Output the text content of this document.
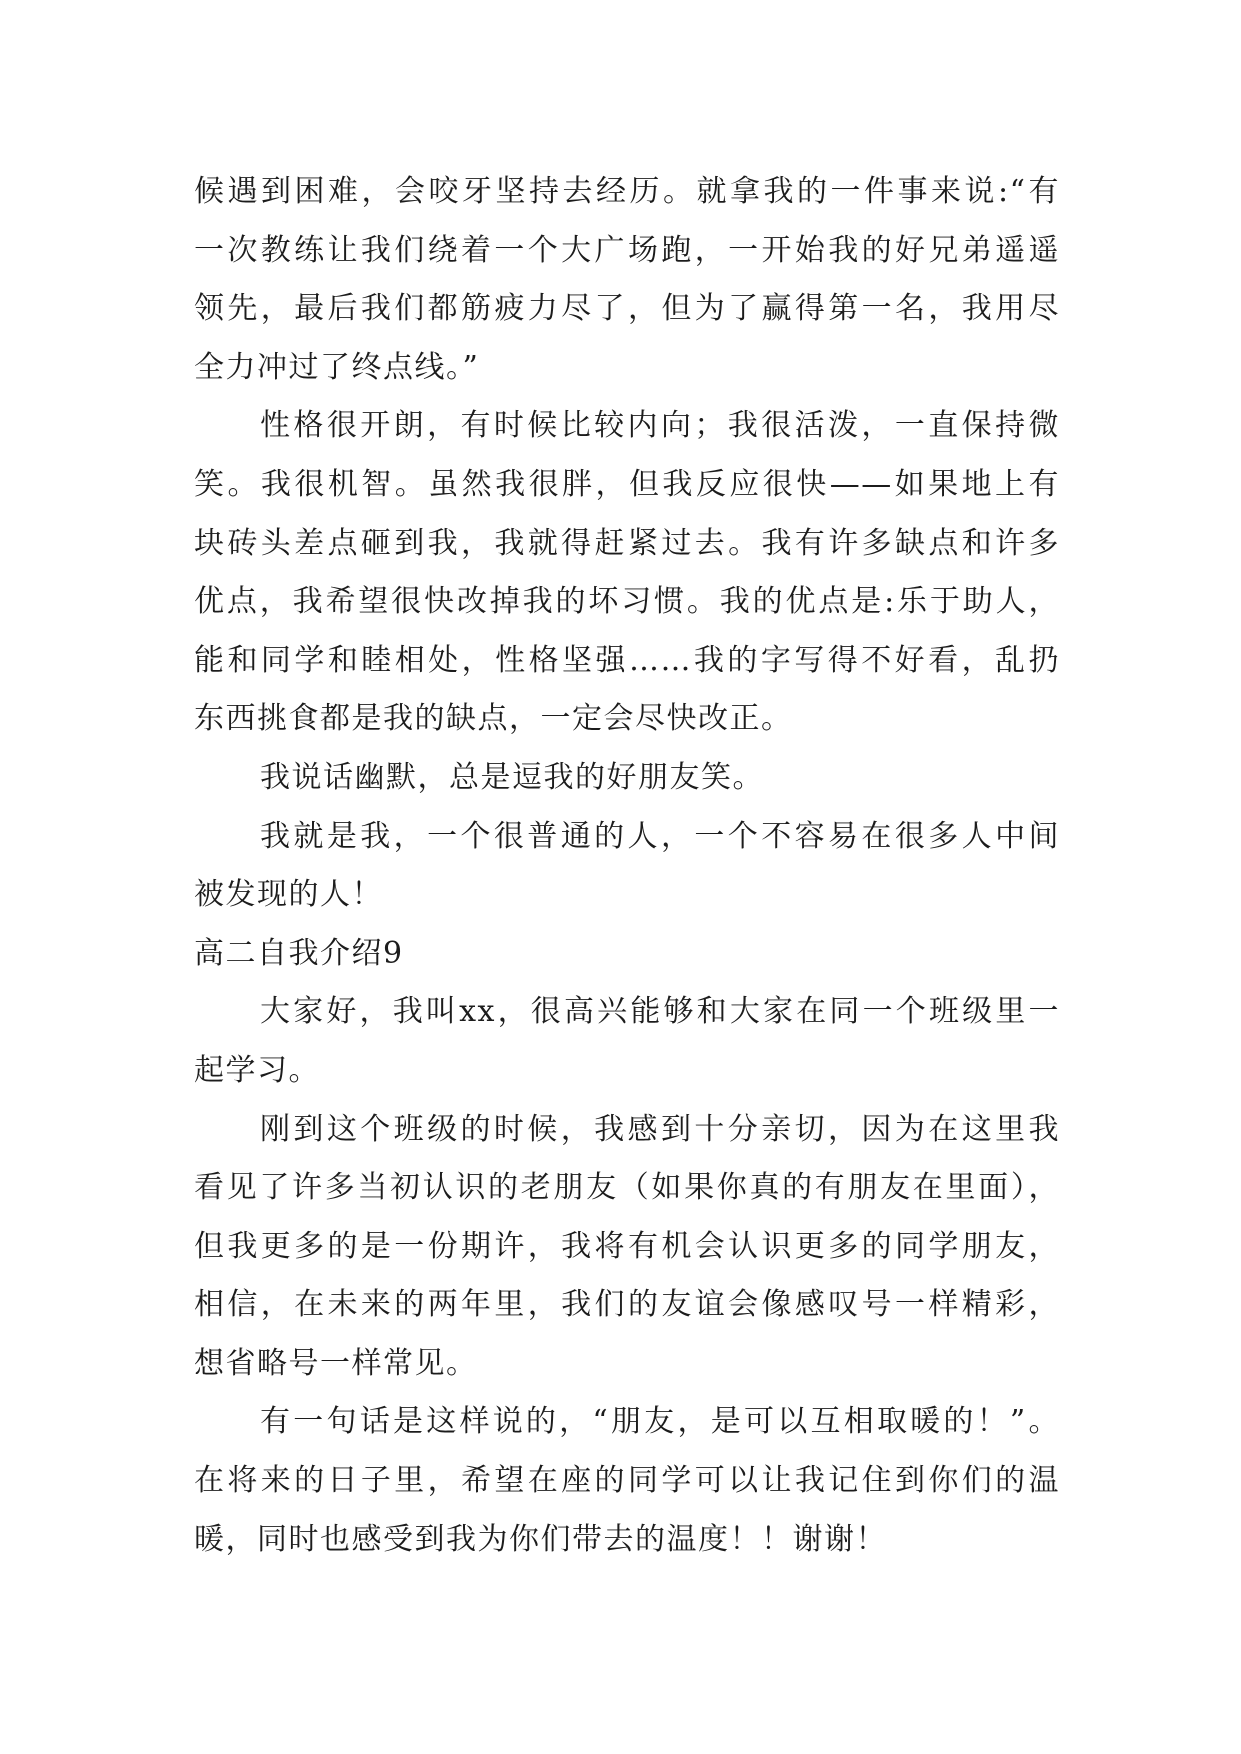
候遇到困难，会咬牙坚持去经历。就拿我的一件事来说:“有
一次教练让我们绕着一个大广场跑，一开始我的好兄弟遥遥
领先，最后我们都筋疲力尽了，但为了赢得第一名，我用尽
全力冲过了终点线。”
性格很开朗，有时候比较内向；我很活泼，一直保持微
笑。我很机智。虽然我很胖，但我反应很快——如果地上有
块砖头差点砸到我，我就得赶紧过去。我有许多缺点和许多
优点，我希望很快改掉我的坏习惯。我的优点是:乐于助人，
能和同学和睦相处，性格坚强……我的字写得不好看，乱扔
东西挑食都是我的缺点，一定会尽快改正。
我说话幽默，总是逗我的好朋友笑。
我就是我，一个很普通的人，一个不容易在很多人中间
被发现的人！
高二自我介绍9
大家好，我叫xx，很高兴能够和大家在同一个班级里一
起学习。
刚到这个班级的时候，我感到十分亲切，因为在这里我
看见了许多当初认识的老朋友（如果你真的有朋友在里面），
但我更多的是一份期许，我将有机会认识更多的同学朋友，
相信，在未来的两年里，我们的友谊会像感叹号一样精彩，
想省略号一样常见。
有一句话是这样说的，“朋友，是可以互相取暖的！”。
在将来的日子里，希望在座的同学可以让我记住到你们的温
暖，同时也感受到我为你们带去的温度！！谢谢！
